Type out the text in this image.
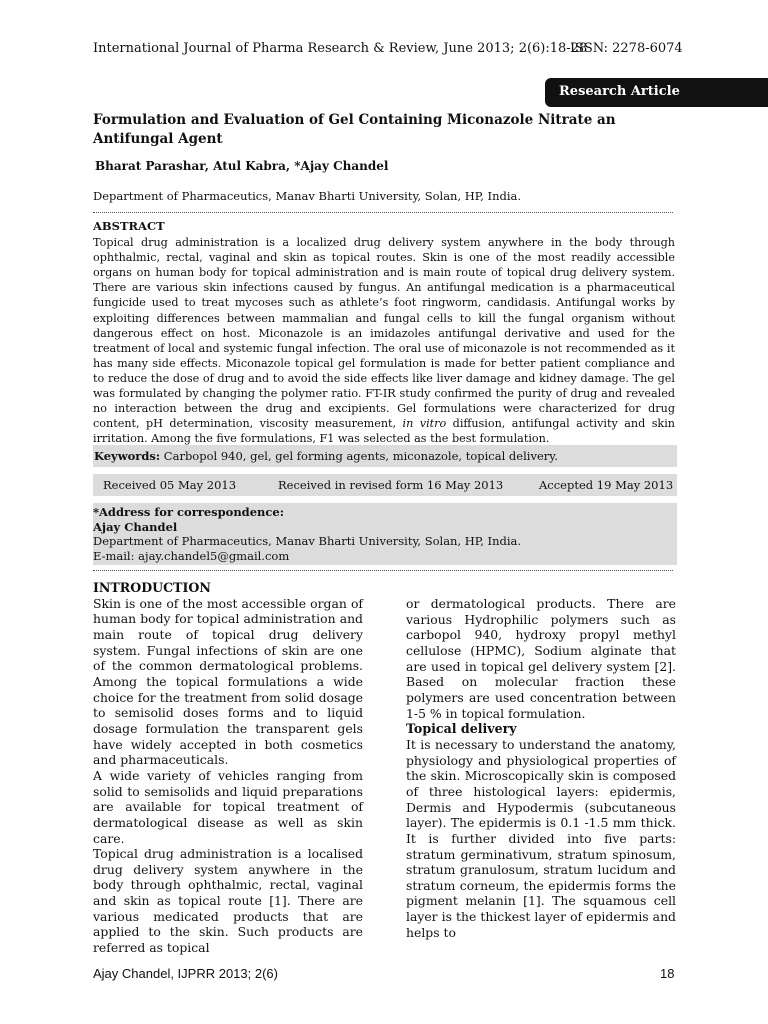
International Journal of Pharma Research & Review, June 2013; 2(6):18-28
ISSN: 2278-6074
Research Article
Formulation and Evaluation of Gel Containing Miconazole Nitrate an Antifungal Agent

Bharat Parashar, Atul Kabra, *Ajay Chandel

Department of Pharmaceutics, Manav Bharti University, Solan, HP, India.

ABSTRACT

Topical drug administration is a localized drug delivery system anywhere in the body through ophthalmic, rectal, vaginal and skin as topical routes. Skin is one of the most readily accessible organs on human body for topical administration and is main route of topical drug delivery system. There are various skin infections caused by fungus. An antifungal medication is a pharmaceutical fungicide used to treat mycoses such as athlete’s foot ringworm, candidasis. Antifungal works by exploiting differences between mammalian and fungal cells to kill the fungal organism without dangerous effect on host. Miconazole is an imidazoles antifungal derivative and used for the treatment of local and systemic fungal infection. The oral use of miconazole is not recommended as it has many side effects. Miconazole topical gel formulation is made for better patient compliance and to reduce the dose of drug and to avoid the side effects like liver damage and kidney damage. The gel was formulated by changing the polymer ratio. FT-IR study confirmed the purity of drug and revealed no interaction between the drug and excipients. Gel formulations were characterized for drug content, pH determination, viscosity measurement, in vitro diffusion, antifungal activity and skin irritation. Among the five formulations, F1 was selected as the best formulation.

Keywords: Carbopol 940, gel, gel forming agents, miconazole, topical delivery.
Received 05 May 2013	Received in revised form 16 May 2013	Accepted 19 May 2013
*Address for correspondence:
Ajay Chandel
Department of Pharmaceutics, Manav Bharti University, Solan, HP, India.
E-mail: ajay.chandel5@gmail.com
INTRODUCTION

Skin is one of the most accessible organ of human body for topical administration and main route of topical drug delivery system. Fungal infections of skin are one of the common dermatological problems. Among the topical formulations a wide choice for the treatment from solid dosage to semisolid doses forms and to liquid dosage formulation the transparent gels have widely accepted in both cosmetics and pharmaceuticals.

A wide variety of vehicles ranging from solid to semisolids and liquid preparations are available for topical treatment of dermatological disease as well as skin care.

Topical drug administration is a localised drug delivery system anywhere in the body through ophthalmic, rectal, vaginal and skin as topical route [1]. There are various medicated products that are applied to the skin. Such products are referred as topical

or dermatological products. There are various Hydrophilic polymers such as carbopol 940, hydroxy propyl methyl cellulose (HPMC), Sodium alginate that are used in topical gel delivery system [2]. Based on molecular fraction these polymers are used concentration between 1-5 % in topical formulation.

Topical delivery

It is necessary to understand the anatomy, physiology and physiological properties of the skin. Microscopically skin is composed of three histological layers: epidermis, Dermis and Hypodermis (subcutaneous layer). The epidermis is 0.1 -1.5 mm thick. It is further divided into five parts: stratum germinativum, stratum spinosum, stratum granulosum, stratum lucidum and stratum corneum, the epidermis forms the pigment melanin [1]. The squamous cell layer is the thickest layer of epidermis and helps to

Ajay Chandel, IJPRR 2013; 2(6)	18
